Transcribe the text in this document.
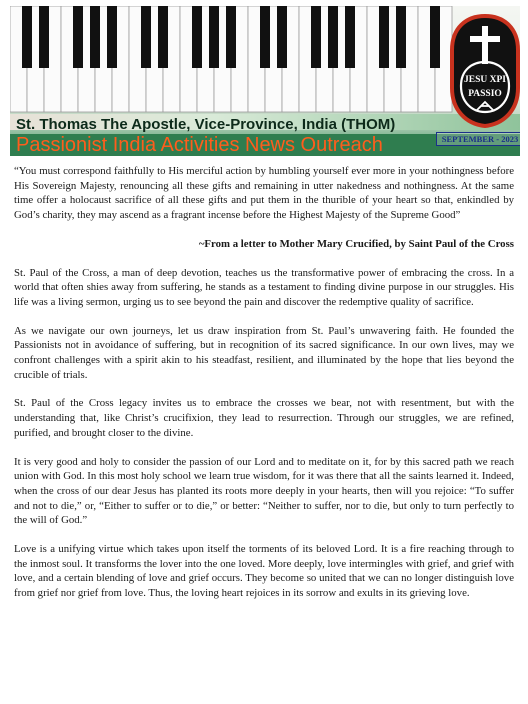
St. Thomas The Apostle, Vice-Province, India (THOM)
Passionist India Activities News Outreach	SEPTEMBER - 2023
JESU XPI
PASSIO

“You must correspond faithfully to His merciful action by humbling yourself ever more in your nothingness before His Sovereign Majesty, renouncing all these gifts and remaining in utter nakedness and nothingness. At the same time offer a holocaust sacrifice of all these gifts and put them in the thurible of your heart so that, enkindled by God’s charity, they may ascend as a fragrant incense before the Highest Majesty of the Supreme Good”

~From a letter to Mother Mary Crucified, by Saint Paul of the Cross

St. Paul of the Cross, a man of deep devotion, teaches us the transformative power of embracing the cross. In a world that often shies away from suffering, he stands as a testament to finding divine purpose in our struggles. His life was a living sermon, urging us to see beyond the pain and discover the redemptive quality of sacrifice.

As we navigate our own journeys, let us draw inspiration from St. Paul’s unwavering faith. He founded the Passionists not in avoidance of suffering, but in recognition of its sacred significance. In our own lives, may we confront challenges with a spirit akin to his steadfast, resilient, and illuminated by the hope that lies beyond the crucible of trials.

St. Paul of the Cross legacy invites us to embrace the crosses we bear, not with resentment, but with the understanding that, like Christ’s crucifixion, they lead to resurrection. Through our struggles, we are refined, purified, and brought closer to the divine.

It is very good and holy to consider the passion of our Lord and to meditate on it, for by this sacred path we reach union with God. In this most holy school we learn true wisdom, for it was there that all the saints learned it. Indeed, when the cross of our dear Jesus has planted its roots more deeply in your hearts, then will you rejoice: “To suffer and not to die,” or, “Either to suffer or to die,” or better: “Neither to suffer, nor to die, but only to turn perfectly to the will of God.”

Love is a unifying virtue which takes upon itself the torments of its beloved Lord. It is a fire reaching through to the inmost soul. It transforms the lover into the one loved. More deeply, love intermingles with grief, and grief with love, and a certain blending of love and grief occurs. They become so united that we can no longer distinguish love from grief nor grief from love. Thus, the loving heart rejoices in its sorrow and exults in its grieving love.
